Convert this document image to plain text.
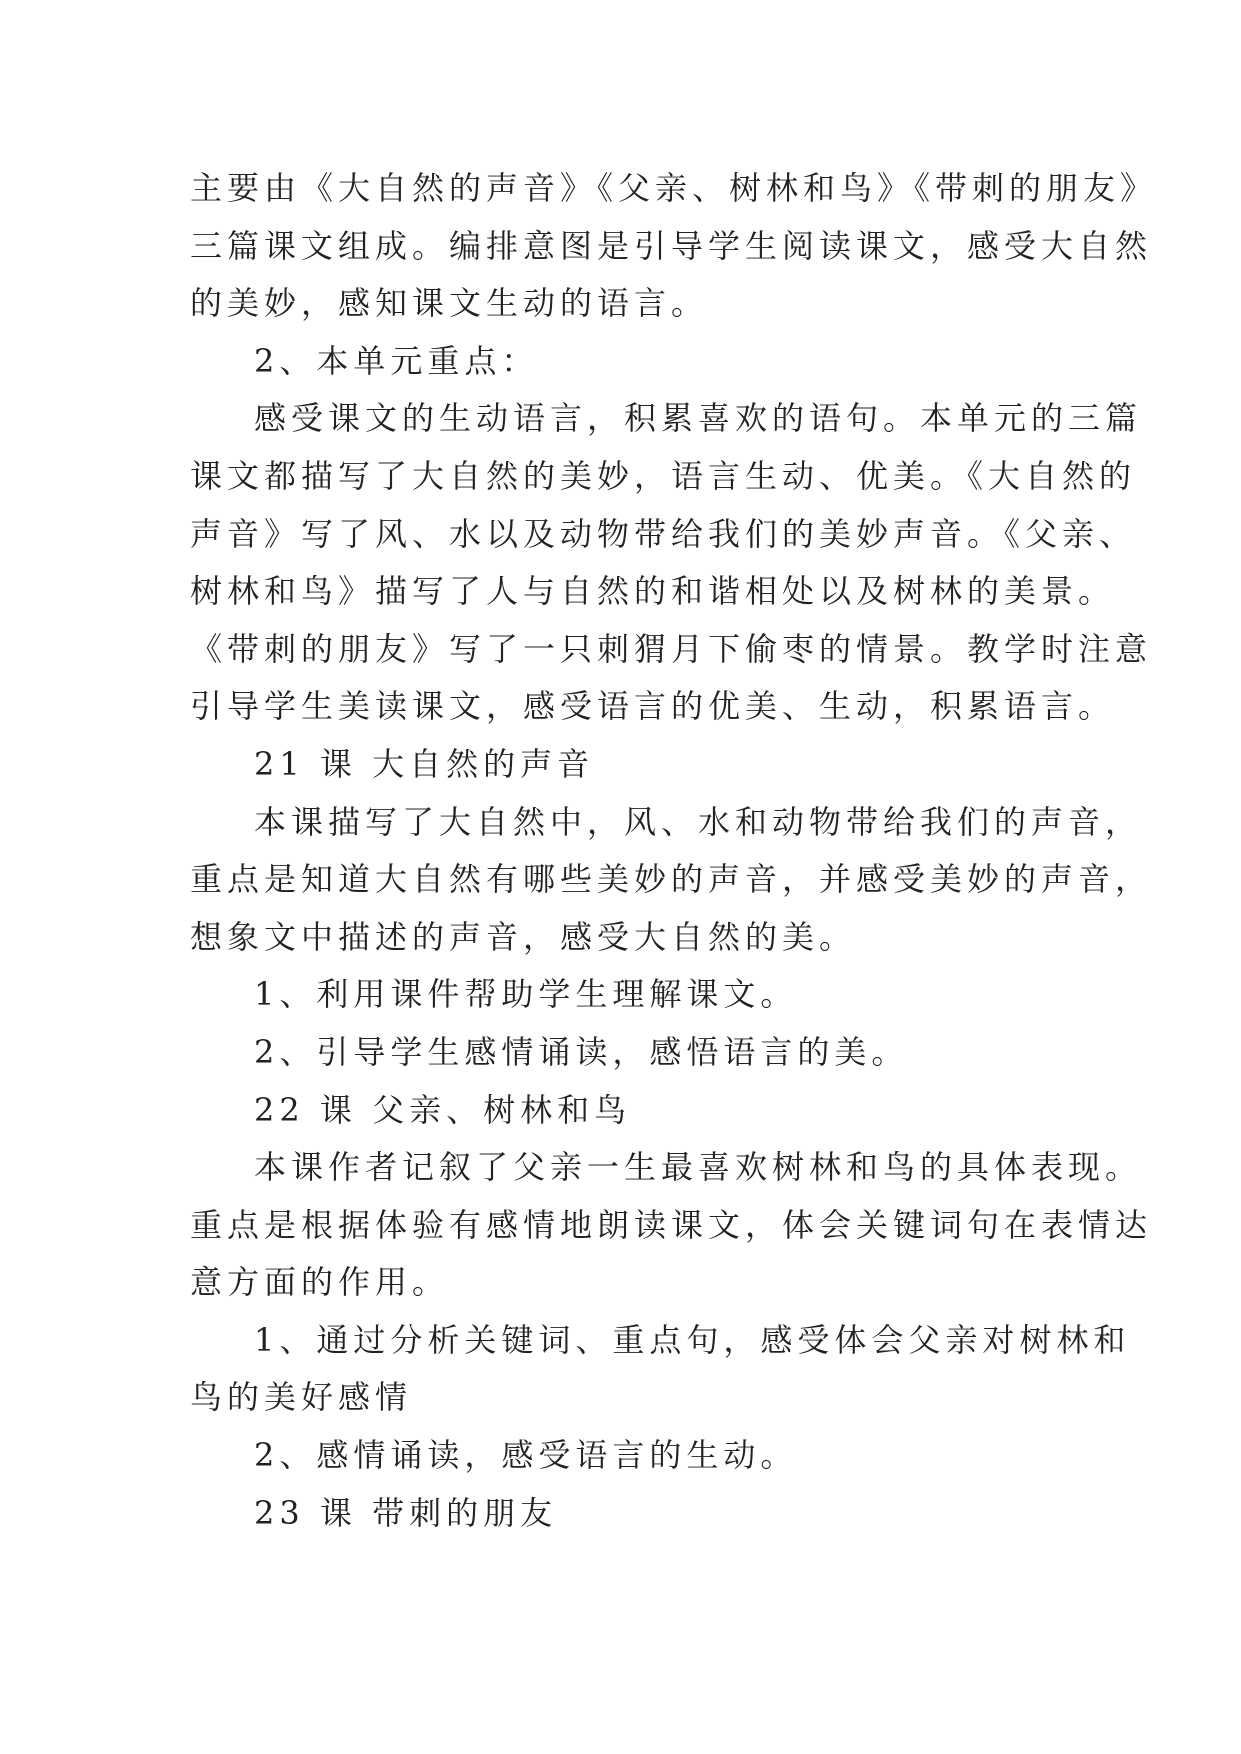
主要由《大自然的声音》《父亲、树林和鸟》《带刺的朋友》
三篇课文组成。编排意图是引导学生阅读课文，感受大自然
的美妙，感知课文生动的语言。
2、本单元重点：
感受课文的生动语言，积累喜欢的语句。本单元的三篇
课文都描写了大自然的美妙，语言生动、优美。《大自然的
声音》写了风、水以及动物带给我们的美妙声音。《父亲、
树林和鸟》描写了人与自然的和谐相处以及树林的美景。
《带刺的朋友》写了一只刺猬月下偷枣的情景。教学时注意
引导学生美读课文，感受语言的优美、生动，积累语言。
21 课 大自然的声音
本课描写了大自然中，风、水和动物带给我们的声音，
重点是知道大自然有哪些美妙的声音，并感受美妙的声音，
想象文中描述的声音，感受大自然的美。
1、利用课件帮助学生理解课文。
2、引导学生感情诵读，感悟语言的美。
22 课 父亲、树林和鸟
本课作者记叙了父亲一生最喜欢树林和鸟的具体表现。
重点是根据体验有感情地朗读课文，体会关键词句在表情达
意方面的作用。
1、通过分析关键词、重点句，感受体会父亲对树林和
鸟的美好感情
2、感情诵读，感受语言的生动。
23 课 带刺的朋友
